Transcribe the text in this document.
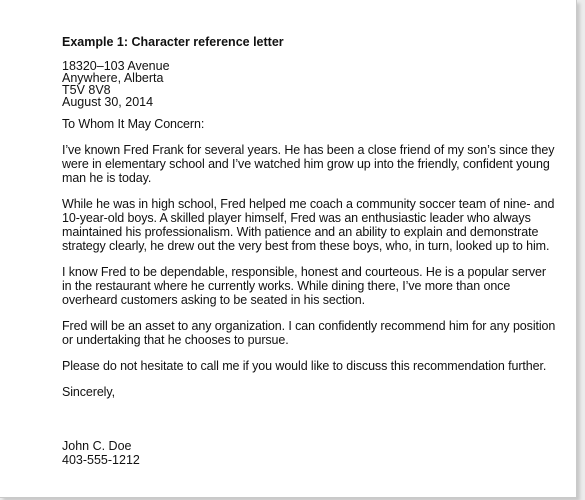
Example 1: Character reference letter
18320–103 Avenue
Anywhere, Alberta
T5V 8V8
August 30, 2014

To Whom It May Concern:

I’ve known Fred Frank for several years. He has been a close friend of my son’s since they were in elementary school and I’ve watched him grow up into the friendly, confident young man he is today.

While he was in high school, Fred helped me coach a community soccer team of nine- and 10-year-old boys. A skilled player himself, Fred was an enthusiastic leader who always maintained his professionalism. With patience and an ability to explain and demonstrate strategy clearly, he drew out the very best from these boys, who, in turn, looked up to him.

I know Fred to be dependable, responsible, honest and courteous. He is a popular server in the restaurant where he currently works. While dining there, I’ve more than once overheard customers asking to be seated in his section.

Fred will be an asset to any organization. I can confidently recommend him for any position or undertaking that he chooses to pursue.

Please do not hesitate to call me if you would like to discuss this recommendation further.

Sincerely,

John C. Doe
403-555-1212
